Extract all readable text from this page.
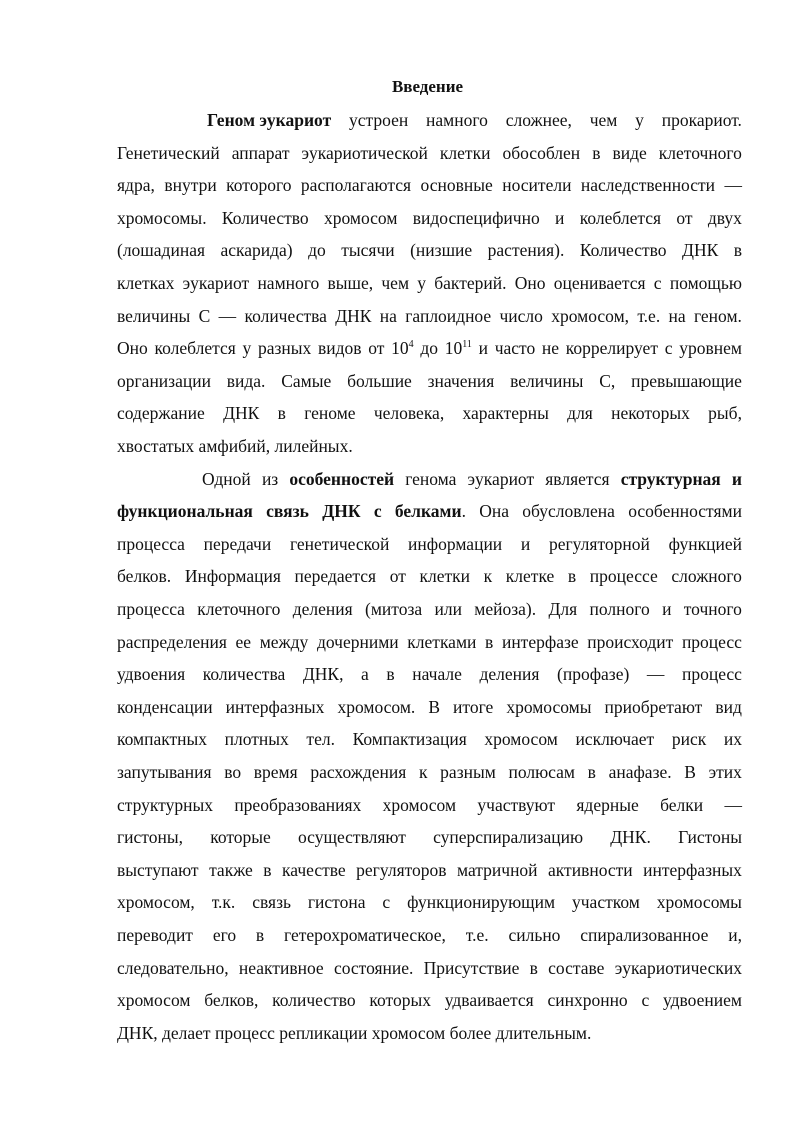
Введение
Геном эукариот устроен намного сложнее, чем у прокариот.
Генетический аппарат эукариотической клетки обособлен в виде клеточного
ядра, внутри которого располагаются основные носители наследственности —
хромосомы. Количество хромосом видоспецифично и колеблется от двух
(лошадиная аскарида) до тысячи (низшие растения). Количество ДНК в
клетках эукариот намного выше, чем у бактерий. Оно оценивается с помощью
величины С — количества ДНК на гаплоидное число хромосом, т.е. на геном.
Оно колеблется у разных видов от $10^4$ до $10^{11}$ и часто не коррелирует с уровнем
организации вида. Самые большие значения величины С, превышающие
содержание ДНК в геноме человека, характерны для некоторых рыб,
хвостатых амфибий, лилейных.
Одной из особенностей генома эукариот является структурная и
функциональная связь ДНК с белками. Она обусловлена особенностями
процесса передачи генетической информации и регуляторной функцией
белков. Информация передается от клетки к клетке в процессе сложного
процесса клеточного деления (митоза или мейоза). Для полного и точного
распределения ее между дочерними клетками в интерфазе происходит процесс
удвоения количества ДНК, а в начале деления (профазе) — процесс
конденсации интерфазных хромосом. В итоге хромосомы приобретают вид
компактных плотных тел. Компактизация хромосом исключает риск их
запутывания во время расхождения к разным полюсам в анафазе. В этих
структурных преобразованиях хромосом участвуют ядерные белки —
гистоны, которые осуществляют суперспирализацию ДНК. Гистоны
выступают также в качестве регуляторов матричной активности интерфазных
хромосом, т.к. связь гистона с функционирующим участком хромосомы
переводит его в гетерохроматическое, т.е. сильно спирализованное и,
следовательно, неактивное состояние. Присутствие в составе эукариотических
хромосом белков, количество которых удваивается синхронно с удвоением
ДНК, делает процесс репликации хромосом более длительным.
